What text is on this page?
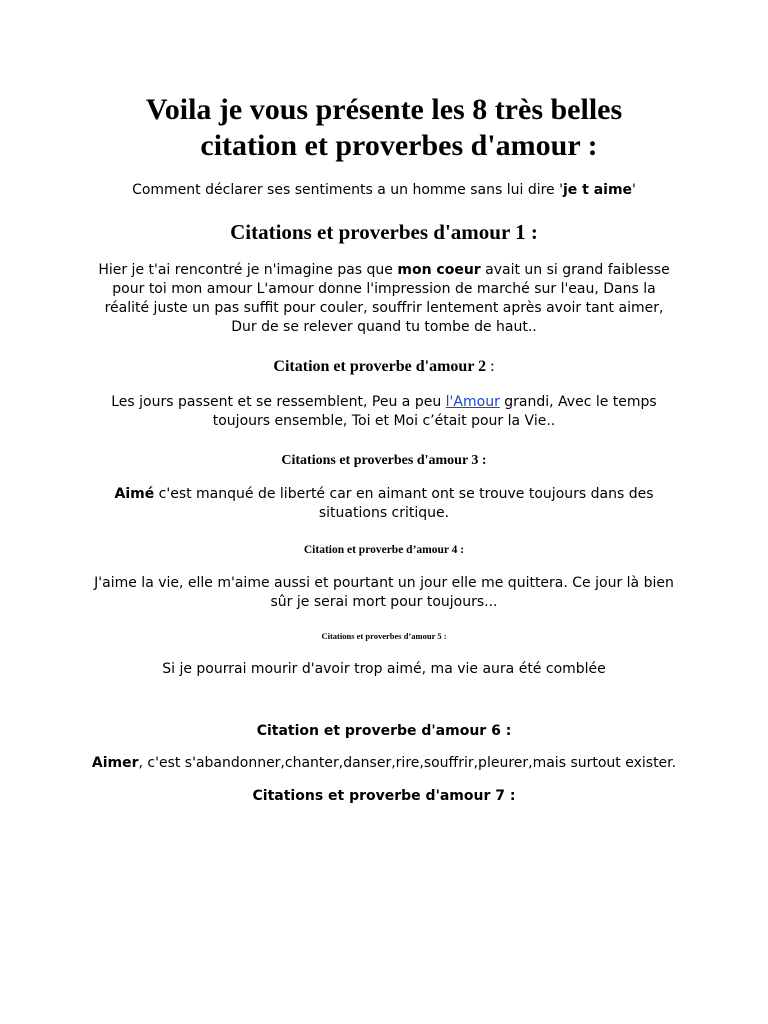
Voila je vous présente les 8 très belles
citation et proverbes d'amour :

Comment déclarer ses sentiments a un homme sans lui dire 'je t aime'

Citations et proverbes d'amour 1 :

Hier je t'ai rencontré je n'imagine pas que mon coeur avait un si grand faiblesse
pour toi mon amour L'amour donne l'impression de marché sur l'eau, Dans la
réalité juste un pas suffit pour couler, souffrir lentement après avoir tant aimer,
Dur de se relever quand tu tombe de haut..

Citation et proverbe d'amour 2 :

Les jours passent et se ressemblent, Peu a peu l'Amour grandi, Avec le temps
toujours ensemble, Toi et Moi c’était pour la Vie..

Citations et proverbes d'amour 3 :

Aimé c'est manqué de liberté car en aimant ont se trouve toujours dans des
situations critique.

Citation et proverbe d’amour 4 :

J'aime la vie, elle m'aime aussi et pourtant un jour elle me quittera. Ce jour là bien
sûr je serai mort pour toujours...

Citations et proverbes d’amour 5 :

Si je pourrai mourir d'avoir trop aimé, ma vie aura été comblée

Citation et proverbe d'amour 6 :

Aimer, c'est s'abandonner,chanter,danser,rire,souffrir,pleurer,mais surtout exister.

Citations et proverbe d'amour 7 :
